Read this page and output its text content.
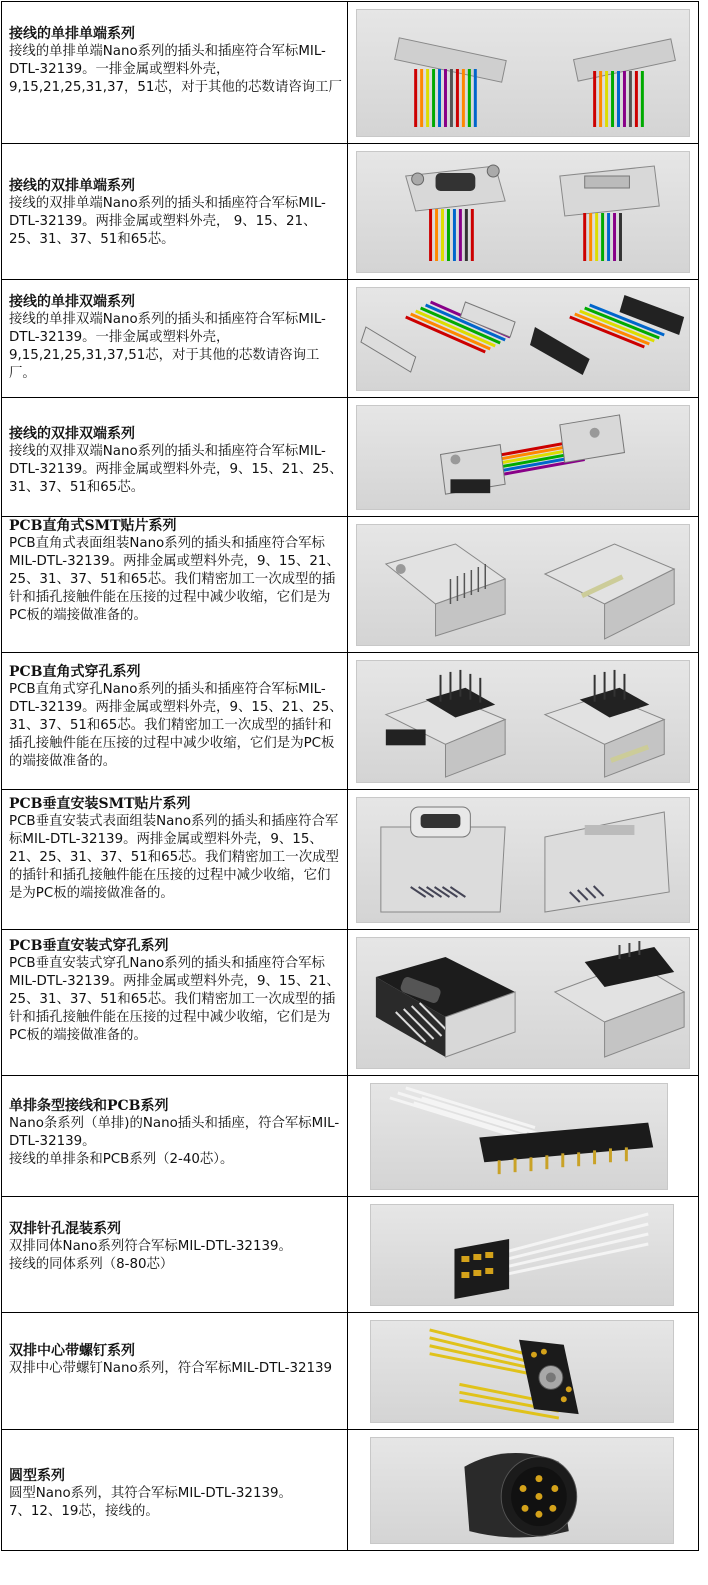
接线的单排单端系列
接线的单排单端Nano系列的插头和插座符合军标MIL-DTL-32139。一排金属或塑料外壳，9,15,21,25,31,37，51芯，对于其他的芯数请咨询工厂

接线的双排单端系列
接线的双排单端Nano系列的插头和插座符合军标MIL-DTL-32139。两排金属或塑料外壳， 9、15、21、25、31、37、51和65芯。

接线的单排双端系列
接线的单排双端Nano系列的插头和插座符合军标MIL-DTL-32139。一排金属或塑料外壳，9,15,21,25,31,37,51芯，对于其他的芯数请咨询工厂。

接线的双排双端系列
接线的双排双端Nano系列的插头和插座符合军标MIL-DTL-32139。两排金属或塑料外壳，9、15、21、25、31、37、51和65芯。

PCB直角式SMT贴片系列
PCB直角式表面组装Nano系列的插头和插座符合军标MIL-DTL-32139。两排金属或塑料外壳，9、15、21、25、31、37、51和65芯。我们精密加工一次成型的插针和插孔接触件能在压接的过程中减少收缩，它们是为PC板的端接做准备的。

PCB直角式穿孔系列
PCB直角式穿孔Nano系列的插头和插座符合军标MIL-DTL-32139。两排金属或塑料外壳，9、15、21、25、31、37、51和65芯。我们精密加工一次成型的插针和插孔接触件能在压接的过程中减少收缩，它们是为PC板的端接做准备的。

PCB垂直安装SMT贴片系列
PCB垂直安装式表面组装Nano系列的插头和插座符合军标MIL-DTL-32139。两排金属或塑料外壳，9、15、21、25、31、37、51和65芯。我们精密加工一次成型的插针和插孔接触件能在压接的过程中减少收缩，它们是为PC板的端接做准备的。

PCB垂直安装式穿孔系列
PCB垂直安装式穿孔Nano系列的插头和插座符合军标MIL-DTL-32139。两排金属或塑料外壳，9、15、21、25、31、37、51和65芯。我们精密加工一次成型的插针和插孔接触件能在压接的过程中减少收缩，它们是为PC板的端接做准备的。

单排条型接线和PCB系列
Nano条系列（单排)的Nano插头和插座，符合军标MIL-DTL-32139。
接线的单排条和PCB系列（2-40芯）。

双排针孔混装系列
双排同体Nano系列符合军标MIL-DTL-32139。
接线的同体系列（8-80芯）

双排中心带螺钉系列
双排中心带螺钉Nano系列，符合军标MIL-DTL-32139

圆型系列
圆型Nano系列，其符合军标MIL-DTL-32139。
7、12、19芯，接线的。
